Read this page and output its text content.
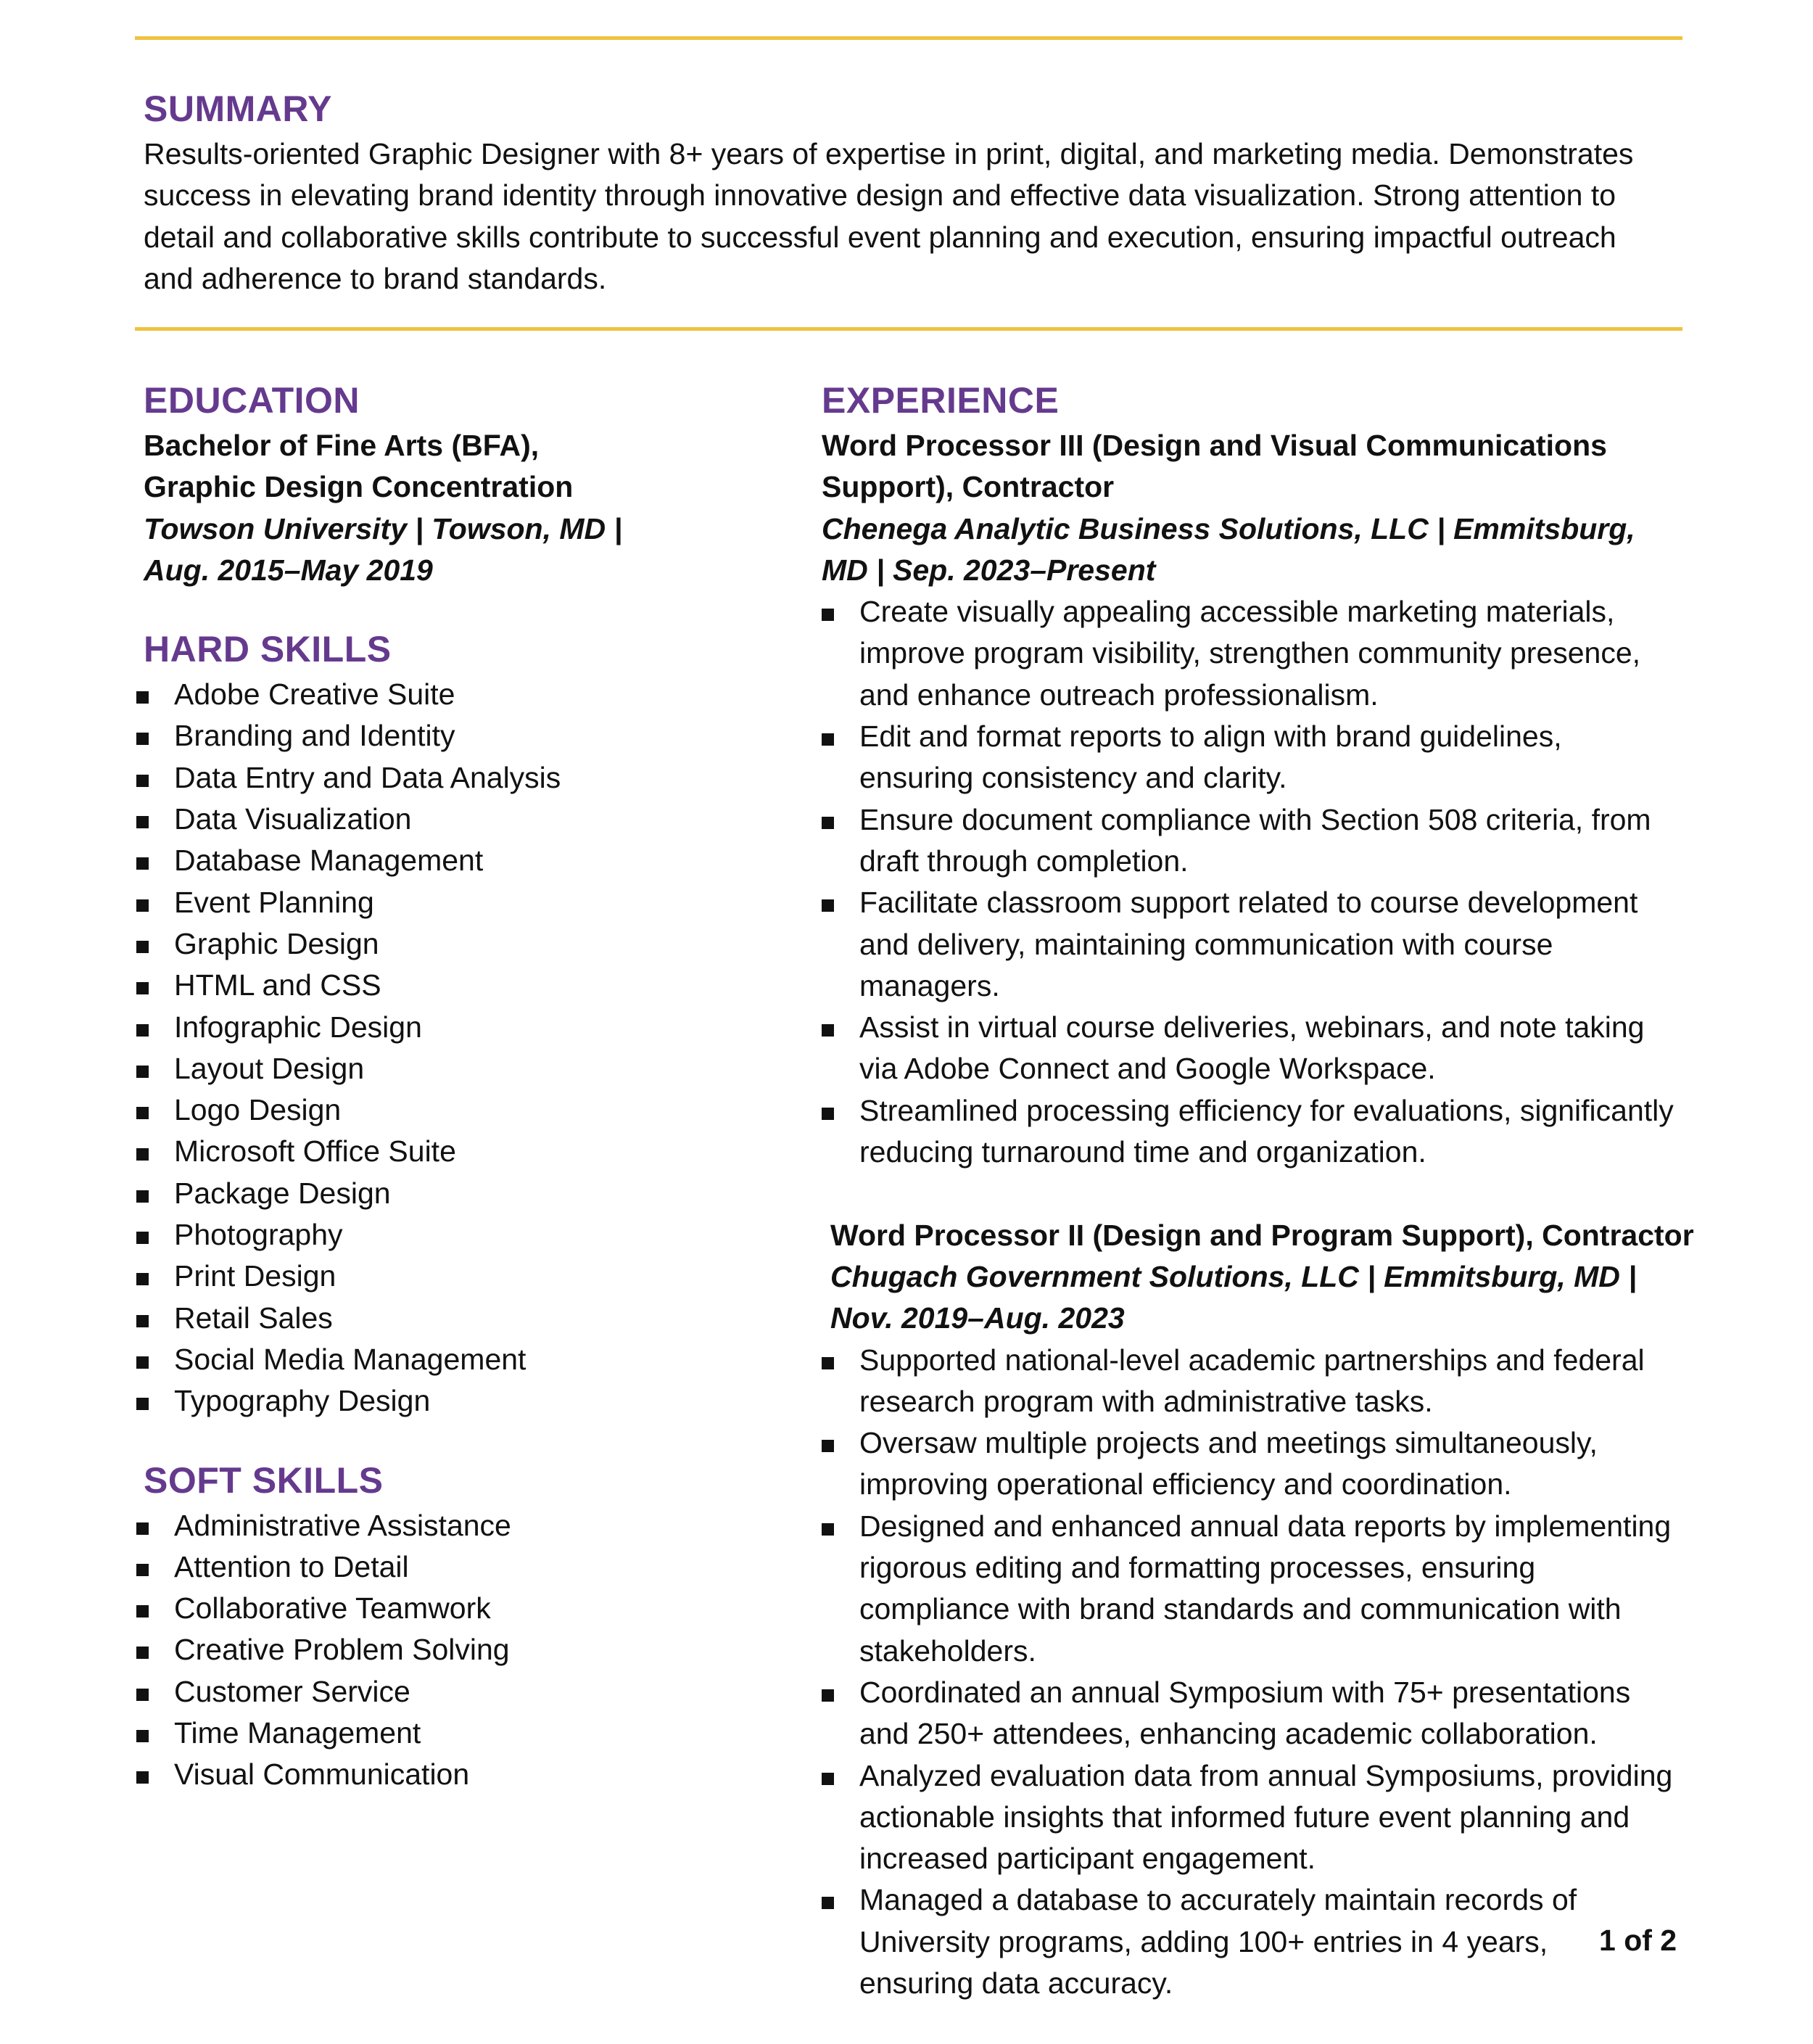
SUMMARY
Results-oriented Graphic Designer with 8+ years of expertise in print, digital, and marketing media. Demonstrates
success in elevating brand identity through innovative design and effective data visualization. Strong attention to
detail and collaborative skills contribute to successful event planning and execution, ensuring impactful outreach
and adherence to brand standards.
EDUCATION
Bachelor of Fine Arts (BFA),
Graphic Design Concentration
Towson University | Towson, MD |
Aug. 2015–May 2019
HARD SKILLS
Adobe Creative Suite
Branding and Identity
Data Entry and Data Analysis
Data Visualization
Database Management
Event Planning
Graphic Design
HTML and CSS
Infographic Design
Layout Design
Logo Design
Microsoft Office Suite
Package Design
Photography
Print Design
Retail Sales
Social Media Management
Typography Design
SOFT SKILLS
Administrative Assistance
Attention to Detail
Collaborative Teamwork
Creative Problem Solving
Customer Service
Time Management
Visual Communication
EXPERIENCE
Word Processor III (Design and Visual Communications
Support), Contractor
Chenega Analytic Business Solutions, LLC | Emmitsburg,
MD | Sep. 2023–Present
Create visually appealing accessible marketing materials,
improve program visibility, strengthen community presence,
and enhance outreach professionalism.
Edit and format reports to align with brand guidelines,
ensuring consistency and clarity.
Ensure document compliance with Section 508 criteria, from
draft through completion.
Facilitate classroom support related to course development
and delivery, maintaining communication with course
managers.
Assist in virtual course deliveries, webinars, and note taking
via Adobe Connect and Google Workspace.
Streamlined processing efficiency for evaluations, significantly
reducing turnaround time and organization.
Word Processor II (Design and Program Support), Contractor
Chugach Government Solutions, LLC | Emmitsburg, MD |
Nov. 2019–Aug. 2023
Supported national-level academic partnerships and federal
research program with administrative tasks.
Oversaw multiple projects and meetings simultaneously,
improving operational efficiency and coordination.
Designed and enhanced annual data reports by implementing
rigorous editing and formatting processes, ensuring
compliance with brand standards and communication with
stakeholders.
Coordinated an annual Symposium with 75+ presentations
and 250+ attendees, enhancing academic collaboration.
Analyzed evaluation data from annual Symposiums, providing
actionable insights that informed future event planning and
increased participant engagement.
Managed a database to accurately maintain records of
University programs, adding 100+ entries in 4 years,
ensuring data accuracy.
1 of 2
